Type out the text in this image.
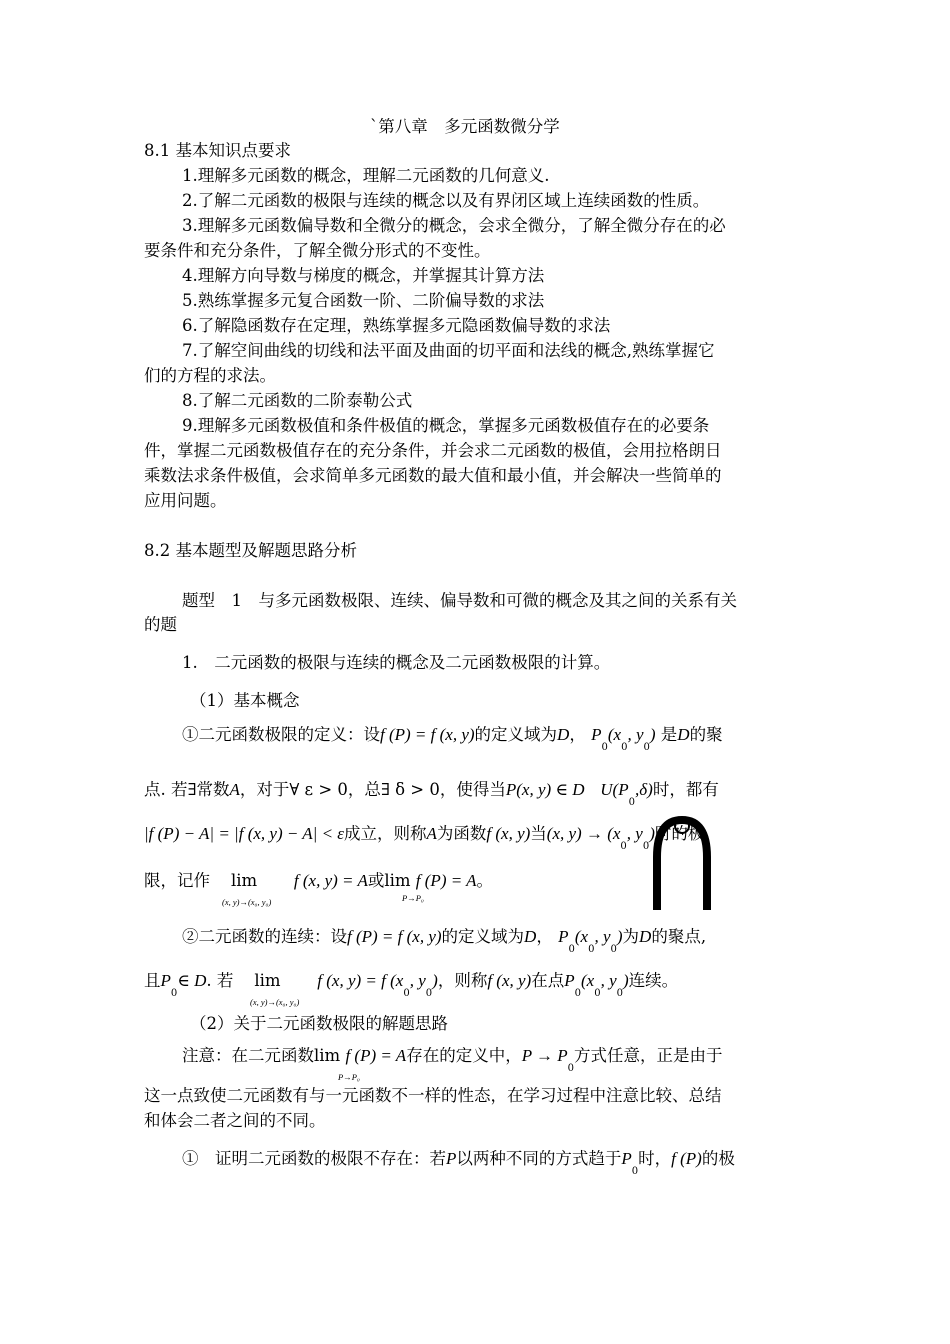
`第八章　多元函数微分学
8.1 基本知识点要求
1.理解多元函数的概念，理解二元函数的几何意义.
2.了解二元函数的极限与连续的概念以及有界闭区域上连续函数的性质。
3.理解多元函数偏导数和全微分的概念，会求全微分，了解全微分存在的必
要条件和充分条件，了解全微分形式的不变性。
4.理解方向导数与梯度的概念，并掌握其计算方法
5.熟练掌握多元复合函数一阶、二阶偏导数的求法
6.了解隐函数存在定理，熟练掌握多元隐函数偏导数的求法
7.了解空间曲线的切线和法平面及曲面的切平面和法线的概念,熟练掌握它
们的方程的求法。
8.了解二元函数的二阶泰勒公式
9.理解多元函数极值和条件极值的概念，掌握多元函数极值存在的必要条
件，掌握二元函数极值存在的充分条件，并会求二元函数的极值，会用拉格朗日
乘数法求条件极值，会求简单多元函数的最大值和最小值，并会解决一些简单的
应用问题。
8.2 基本题型及解题思路分析
题型　1　与多元函数极限、连续、偏导数和可微的概念及其之间的关系有关
的题
1.　二元函数的极限与连续的概念及二元函数极限的计算。
（1）基本概念
①二元函数极限的定义：设f (P) = f (x, y)的定义域为D， $P_0(x_0$, $y_0$) 是D的聚
点. 若∃常数A，对于∀ ε > 0，总∃ δ > 0，使得当P(x, y) ∈ D $U(P_0,\delta)$时，都有
|f (P) − A| = |f (x, y) − A| < ε成立，则称A为函数f (x, y)当(x, $y) \to (x_0$, $y_0$)时的极
限，记作 lim f (x, y) = A或lim f (P) = A。
(x, y)→(x₀, y₀)	P→P₀
②二元函数的连续：设f (P) = f (x, y)的定义域为D， $P_0(x_0$, $y_0$)为D的聚点,
且$P_0\in$ D. 若 lim f (x, y) = f ($x_0$, $y_0$)，则称f (x, y)在点$P_0(x_0$, $y_0$)连续。
(x, y)→(x₀, y₀)
（2）关于二元函数极限的解题思路
注意：在二元函数lim f (P) = A存在的定义中，$P \to P_0$方式任意，正是由于
P→P₀
这一点致使二元函数有与一元函数不一样的性态，在学习过程中注意比较、总结
和体会二者之间的不同。
①　证明二元函数的极限不存在：若P以两种不同的方式趋于$P_0$时，f (P)的极
